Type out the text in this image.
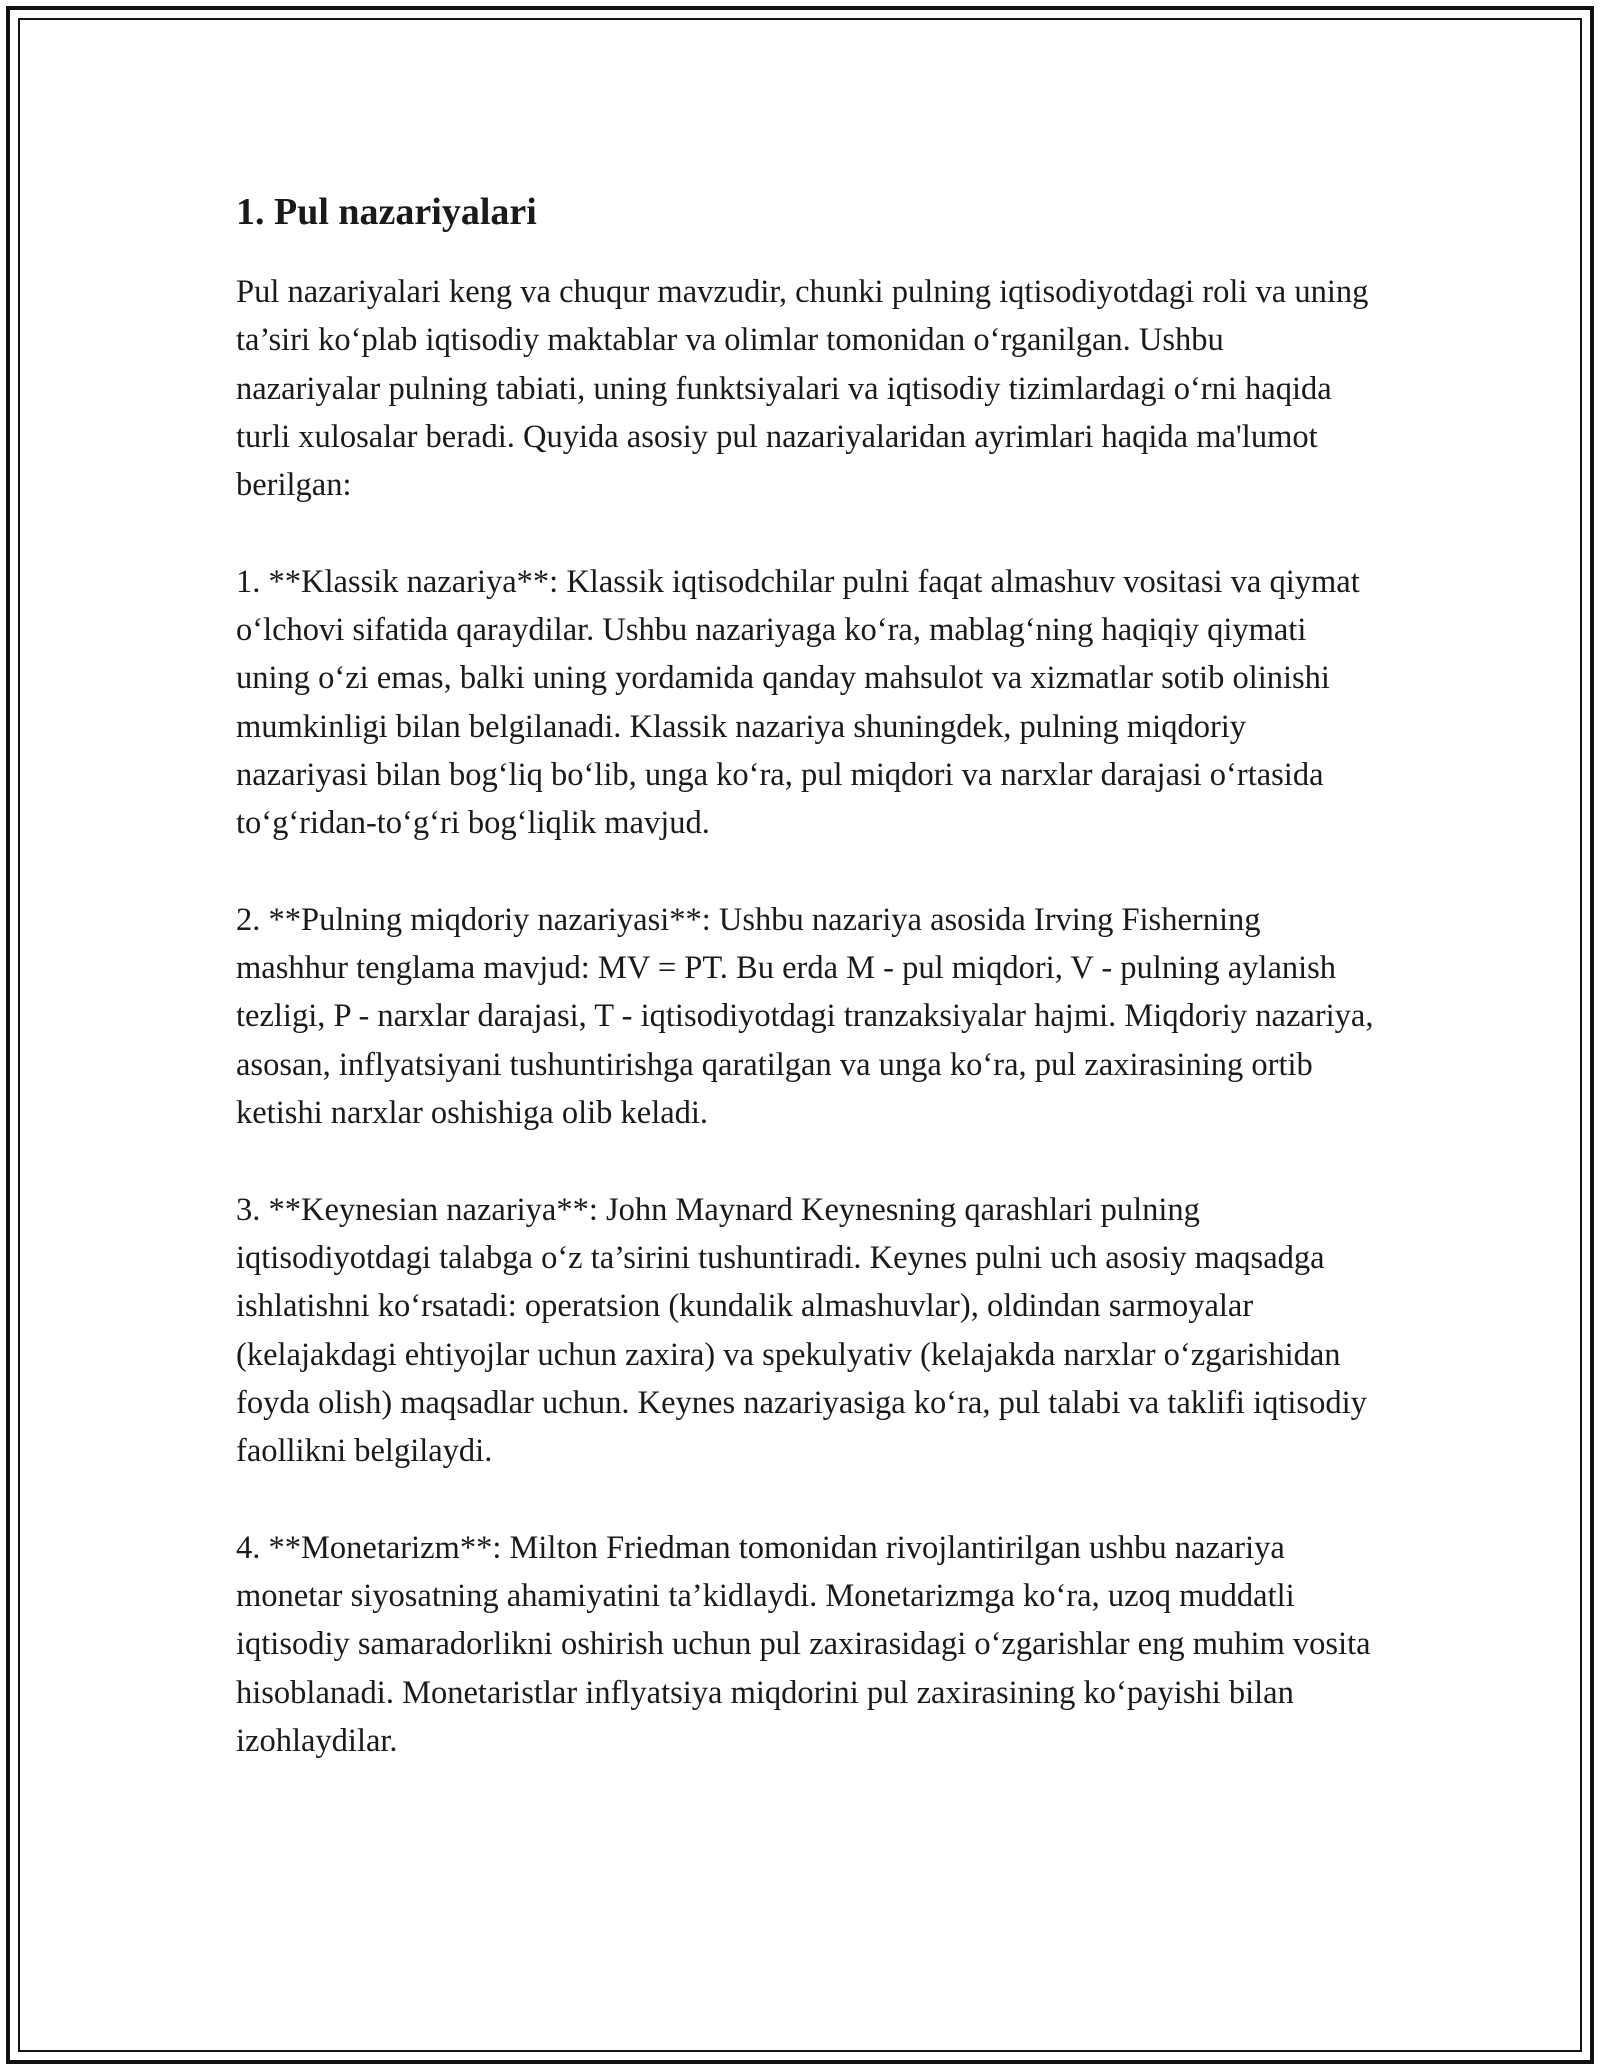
1. Pul nazariyalari

Pul nazariyalari keng va chuqur mavzudir, chunki pulning iqtisodiyotdagi roli va uning ta’siri ko‘plab iqtisodiy maktablar va olimlar tomonidan o‘rganilgan. Ushbu nazariyalar pulning tabiati, uning funktsiyalari va iqtisodiy tizimlardagi o‘rni haqida turli xulosalar beradi. Quyida asosiy pul nazariyalaridan ayrimlari haqida ma'lumot berilgan:

1. **Klassik nazariya**: Klassik iqtisodchilar pulni faqat almashuv vositasi va qiymat o‘lchovi sifatida qaraydilar. Ushbu nazariyaga ko‘ra, mablag‘ning haqiqiy qiymati uning o‘zi emas, balki uning yordamida qanday mahsulot va xizmatlar sotib olinishi mumkinligi bilan belgilanadi. Klassik nazariya shuningdek, pulning miqdoriy nazariyasi bilan bog‘liq bo‘lib, unga ko‘ra, pul miqdori va narxlar darajasi o‘rtasida to‘g‘ridan-to‘g‘ri bog‘liqlik mavjud.

2. **Pulning miqdoriy nazariyasi**: Ushbu nazariya asosida Irving Fisherning mashhur tenglama mavjud: MV = PT. Bu erda M - pul miqdori, V - pulning aylanish tezligi, P - narxlar darajasi, T - iqtisodiyotdagi tranzaksiyalar hajmi. Miqdoriy nazariya, asosan, inflyatsiyani tushuntirishga qaratilgan va unga ko‘ra, pul zaxirasining ortib ketishi narxlar oshishiga olib keladi.

3. **Keynesian nazariya**: John Maynard Keynesning qarashlari pulning iqtisodiyotdagi talabga o‘z ta’sirini tushuntiradi. Keynes pulni uch asosiy maqsadga ishlatishni ko‘rsatadi: operatsion (kundalik almashuvlar), oldindan sarmoyalar (kelajakdagi ehtiyojlar uchun zaxira) va spekulyativ (kelajakda narxlar o‘zgarishidan foyda olish) maqsadlar uchun. Keynes nazariyasiga ko‘ra, pul talabi va taklifi iqtisodiy faollikni belgilaydi.

4. **Monetarizm**: Milton Friedman tomonidan rivojlantirilgan ushbu nazariya monetar siyosatning ahamiyatini ta’kidlaydi. Monetarizmga ko‘ra, uzoq muddatli iqtisodiy samaradorlikni oshirish uchun pul zaxirasidagi o‘zgarishlar eng muhim vosita hisoblanadi. Monetaristlar inflyatsiya miqdorini pul zaxirasining ko‘payishi bilan izohlaydilar.
